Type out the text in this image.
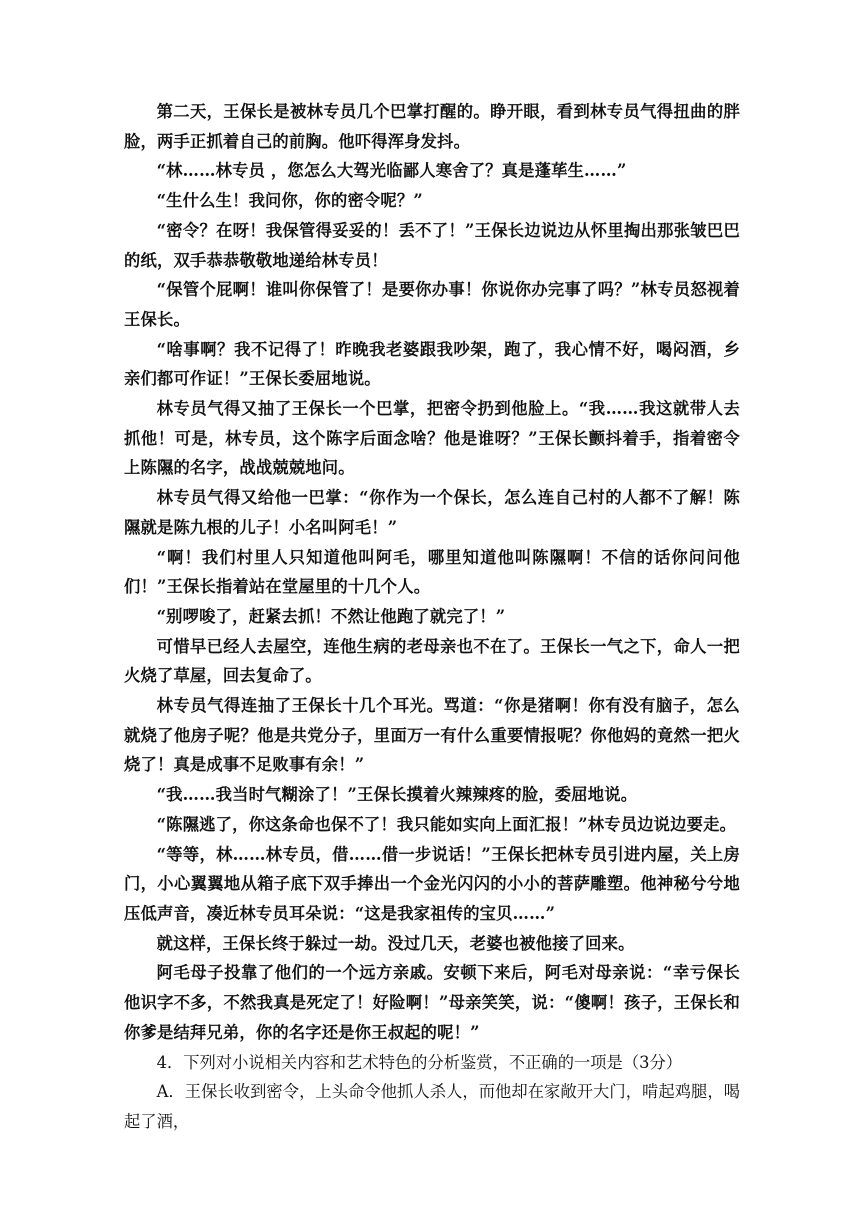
第二天，王保长是被林专员几个巴掌打醒的。睁开眼，看到林专员气得扭曲的胖脸，两手正抓着自己的前胸。他吓得浑身发抖。

“林……林专员 ，您怎么大驾光临鄙人寒舍了？真是蓬荜生……”

“生什么生！我问你，你的密令呢？”

“密令？在呀！我保管得妥妥的！丢不了！”王保长边说边从怀里掏出那张皱巴巴的纸，双手恭恭敬敬地递给林专员！

“保管个屁啊！谁叫你保管了！是要你办事！你说你办完事了吗？”林专员怒视着王保长。

“啥事啊？我不记得了！昨晚我老婆跟我吵架，跑了，我心情不好，喝闷酒，乡亲们都可作证！”王保长委屈地说。

林专员气得又抽了王保长一个巴掌，把密令扔到他脸上。“我……我这就带人去抓他！可是，林专员，这个陈字后面念啥？他是谁呀？”王保长颤抖着手，指着密令上陈隰的名字，战战兢兢地问。

林专员气得又给他一巴掌：“你作为一个保长，怎么连自己村的人都不了解！陈隰就是陈九根的儿子！小名叫阿毛！”

“啊！我们村里人只知道他叫阿毛，哪里知道他叫陈隰啊！不信的话你问问他们！”王保长指着站在堂屋里的十几个人。

“别啰唆了，赶紧去抓！不然让他跑了就完了！”

可惜早已经人去屋空，连他生病的老母亲也不在了。王保长一气之下，命人一把火烧了草屋，回去复命了。

林专员气得连抽了王保长十几个耳光。骂道：“你是猪啊！你有没有脑子，怎么就烧了他房子呢？他是共党分子，里面万一有什么重要情报呢？你他妈的竟然一把火烧了！真是成事不足败事有余！”

“我……我当时气糊涂了！”王保长摸着火辣辣疼的脸，委屈地说。

“陈隰逃了，你这条命也保不了！我只能如实向上面汇报！”林专员边说边要走。

“等等，林……林专员，借……借一步说话！”王保长把林专员引进内屋，关上房门，小心翼翼地从箱子底下双手捧出一个金光闪闪的小小的菩萨雕塑。他神秘兮兮地压低声音，凑近林专员耳朵说：“这是我家祖传的宝贝……”

就这样，王保长终于躲过一劫。没过几天，老婆也被他接了回来。

阿毛母子投靠了他们的一个远方亲戚。安顿下来后，阿毛对母亲说：“幸亏保长他识字不多，不然我真是死定了！好险啊！”母亲笑笑，说：“傻啊！孩子，王保长和你爹是结拜兄弟，你的名字还是你王叔起的呢！”

4．下列对小说相关内容和艺术特色的分析鉴赏，不正确的一项是（3分）

A．王保长收到密令，上头命令他抓人杀人，而他却在家敞开大门，啃起鸡腿，喝起了酒，
